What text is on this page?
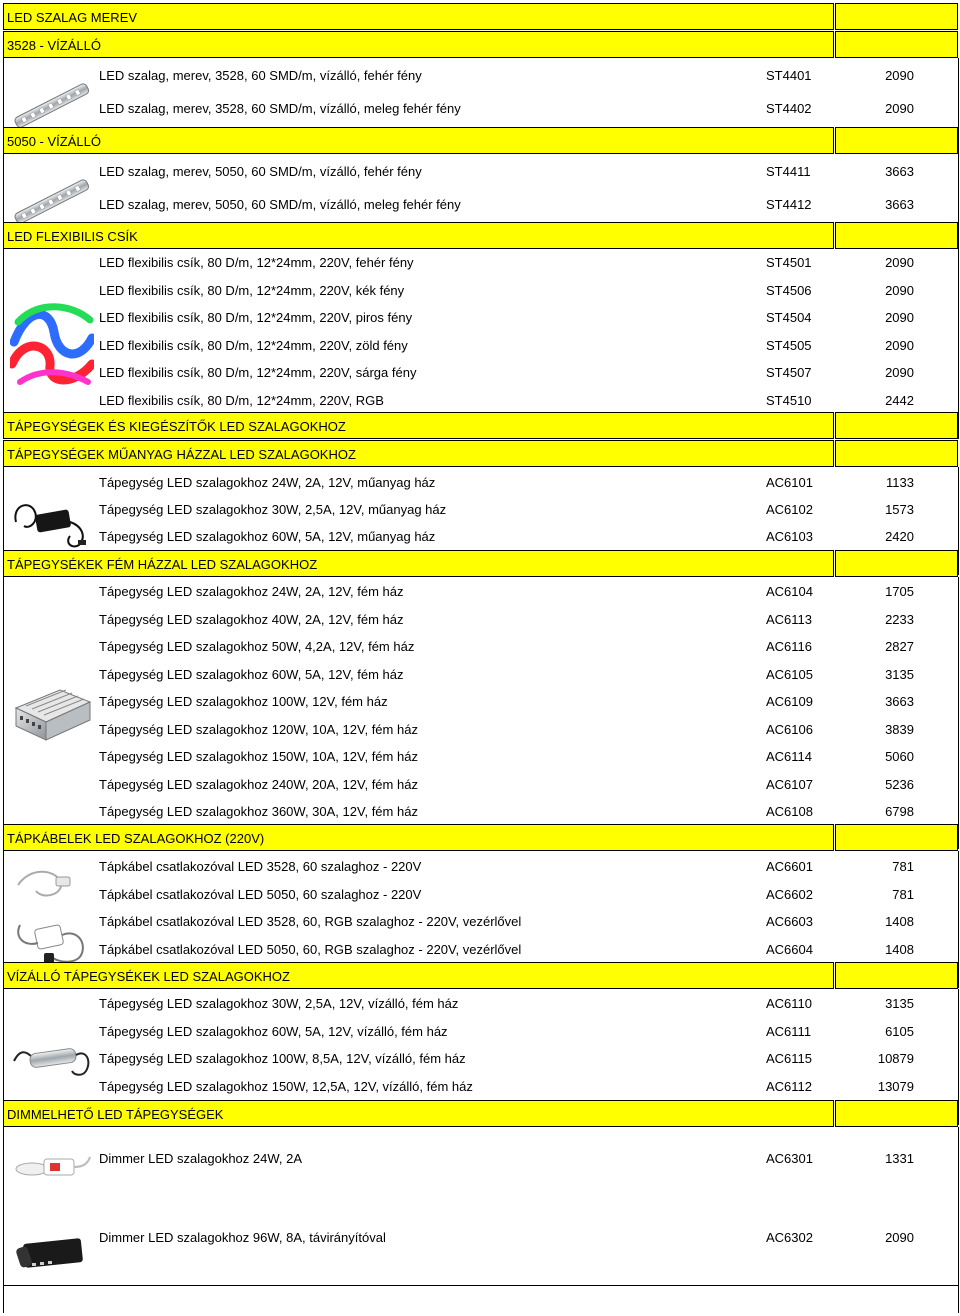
LED SZALAG MEREV
3528 - VÍZÁLLÓ
LED szalag, merev, 3528, 60 SMD/m, vízálló, fehér fény	ST4401	2090
LED szalag, merev, 3528, 60 SMD/m, vízálló, meleg fehér fény	ST4402	2090
5050 - VÍZÁLLÓ
LED szalag, merev, 5050, 60 SMD/m, vízálló, fehér fény	ST4411	3663
LED szalag, merev, 5050, 60 SMD/m, vízálló, meleg fehér fény	ST4412	3663
LED FLEXIBILIS CSÍK
LED flexibilis csík, 80 D/m, 12*24mm, 220V, fehér fény	ST4501	2090
LED flexibilis csík, 80 D/m, 12*24mm, 220V, kék fény	ST4506	2090
LED flexibilis csík, 80 D/m, 12*24mm, 220V, piros fény	ST4504	2090
LED flexibilis csík, 80 D/m, 12*24mm, 220V, zöld fény	ST4505	2090
LED flexibilis csík, 80 D/m, 12*24mm, 220V, sárga fény	ST4507	2090
LED flexibilis csík, 80 D/m, 12*24mm, 220V, RGB	ST4510	2442
TÁPEGYSÉGEK ÉS KIEGÉSZÍTŐK LED SZALAGOKHOZ
TÁPEGYSÉGEK MŰANYAG HÁZZAL LED SZALAGOKHOZ
Tápegység LED szalagokhoz 24W, 2A, 12V, műanyag ház	AC6101	1133
Tápegység LED szalagokhoz 30W, 2,5A, 12V, műanyag ház	AC6102	1573
Tápegység LED szalagokhoz 60W, 5A, 12V, műanyag ház	AC6103	2420
TÁPEGYSÉKEK FÉM HÁZZAL LED SZALAGOKHOZ
Tápegység LED szalagokhoz 24W, 2A, 12V, fém ház	AC6104	1705
Tápegység LED szalagokhoz 40W, 2A, 12V, fém ház	AC6113	2233
Tápegység LED szalagokhoz 50W, 4,2A, 12V, fém ház	AC6116	2827
Tápegység LED szalagokhoz 60W, 5A, 12V, fém ház	AC6105	3135
Tápegység LED szalagokhoz 100W, 12V, fém ház	AC6109	3663
Tápegység LED szalagokhoz 120W, 10A, 12V, fém ház	AC6106	3839
Tápegység LED szalagokhoz 150W, 10A, 12V, fém ház	AC6114	5060
Tápegység LED szalagokhoz 240W, 20A, 12V, fém ház	AC6107	5236
Tápegység LED szalagokhoz 360W, 30A, 12V, fém ház	AC6108	6798
TÁPKÁBELEK LED SZALAGOKHOZ (220V)
Tápkábel csatlakozóval LED 3528, 60 szalaghoz - 220V	AC6601	781
Tápkábel csatlakozóval LED 5050, 60 szalaghoz - 220V	AC6602	781
Tápkábel csatlakozóval LED 3528, 60, RGB szalaghoz - 220V, vezérlővel	AC6603	1408
Tápkábel csatlakozóval LED 5050, 60, RGB szalaghoz - 220V, vezérlővel	AC6604	1408
VÍZÁLLÓ TÁPEGYSÉKEK LED SZALAGOKHOZ
Tápegység LED szalagokhoz 30W, 2,5A, 12V, vízálló, fém ház	AC6110	3135
Tápegység LED szalagokhoz 60W, 5A, 12V, vízálló, fém ház	AC6111	6105
Tápegység LED szalagokhoz 100W, 8,5A, 12V, vízálló, fém ház	AC6115	10879
Tápegység LED szalagokhoz 150W, 12,5A, 12V, vízálló, fém ház	AC6112	13079
DIMMELHETŐ LED TÁPEGYSÉGEK
Dimmer LED szalagokhoz 24W, 2A	AC6301	1331
Dimmer LED szalagokhoz 96W, 8A, távirányítóval	AC6302	2090
